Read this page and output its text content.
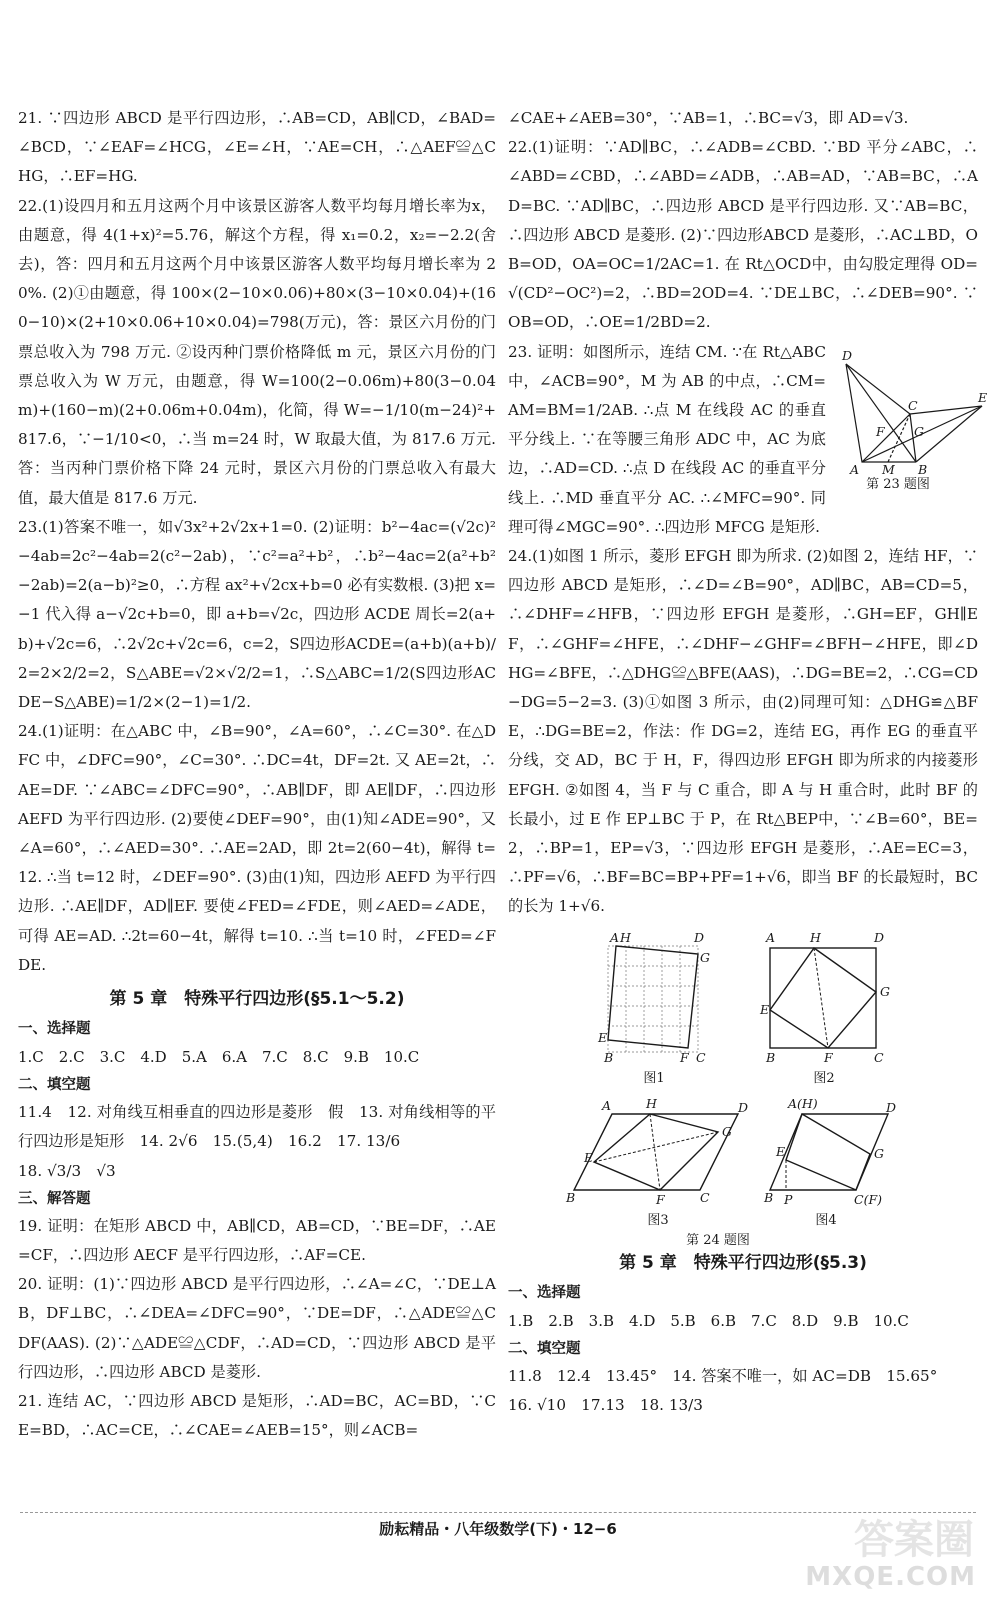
21. ∵四边形 ABCD 是平行四边形，∴AB=CD，AB∥CD，∠BAD=∠BCD，∵∠EAF=∠HCG，∠E=∠H，∵AE=CH，∴△AEF≌△CHG，∴EF=HG.

22.(1)设四月和五月这两个月中该景区游客人数平均每月增长率为x，由题意，得 4(1+x)²=5.76，解这个方程，得 x₁=0.2，x₂=−2.2(舍去)，答：四月和五月这两个月中该景区游客人数平均每月增长率为 20%. (2)①由题意，得 100×(2−10×0.06)+80×(3−10×0.04)+(160−10)×(2+10×0.06+10×0.04)=798(万元)，答：景区六月份的门票总收入为 798 万元. ②设丙种门票价格降低 m 元，景区六月份的门票总收入为 W 万元，由题意，得 W=100(2−0.06m)+80(3−0.04m)+(160−m)(2+0.06m+0.04m)，化简，得 W=−1/10(m−24)²+817.6，∵−1/10<0，∴当 m=24 时，W 取最大值，为 817.6 万元. 答：当丙种门票价格下降 24 元时，景区六月份的门票总收入有最大值，最大值是 817.6 万元.

23.(1)答案不唯一，如√3x²+2√2x+1=0. (2)证明：b²−4ac=(√2c)²−4ab=2c²−4ab=2(c²−2ab)，∵c²=a²+b²，∴b²−4ac=2(a²+b²−2ab)=2(a−b)²≥0，∴方程 ax²+√2cx+b=0 必有实数根. (3)把 x=−1 代入得 a−√2c+b=0，即 a+b=√2c，四边形 ACDE 周长=2(a+b)+√2c=6，∴2√2c+√2c=6，c=2，S四边形ACDE=(a+b)(a+b)/2=2×2/2=2，S△ABE=√2×√2/2=1，∴S△ABC=1/2(S四边形ACDE−S△ABE)=1/2×(2−1)=1/2.

24.(1)证明：在△ABC 中，∠B=90°，∠A=60°，∴∠C=30°. 在△DFC 中，∠DFC=90°，∠C=30°. ∴DC=4t，DF=2t. 又 AE=2t，∴AE=DF. ∵∠ABC=∠DFC=90°，∴AB∥DF，即 AE∥DF，∴四边形 AEFD 为平行四边形. (2)要使∠DEF=90°，由(1)知∠ADE=90°，又∠A=60°，∴∠AED=30°. ∴AE=2AD，即 2t=2(60−4t)，解得 t=12. ∴当 t=12 时，∠DEF=90°. (3)由(1)知，四边形 AEFD 为平行四边形. ∴AE∥DF，AD∥EF. 要使∠FED=∠FDE，则∠AED=∠ADE，可得 AE=AD. ∴2t=60−4t，解得 t=10. ∴当 t=10 时，∠FED=∠FDE.

第 5 章　特殊平行四边形(§5.1～5.2)

一、选择题

1.C　2.C　3.C　4.D　5.A　6.A　7.C　8.C　9.B　10.C

二、填空题

11.4　12. 对角线互相垂直的四边形是菱形　假　13. 对角线相等的平行四边形是矩形　14. 2√6　15.(5,4)　16.2　17. 13/6

18. √3/3　√3

三、解答题

19. 证明：在矩形 ABCD 中，AB∥CD，AB=CD，∵BE=DF，∴AE=CF，∴四边形 AECF 是平行四边形，∴AF=CE.

20. 证明：(1)∵四边形 ABCD 是平行四边形，∴∠A=∠C，∵DE⊥AB，DF⊥BC，∴∠DEA=∠DFC=90°，∵DE=DF，∴△ADE≌△CDF(AAS). (2)∵△ADE≌△CDF，∴AD=CD，∵四边形 ABCD 是平行四边形，∴四边形 ABCD 是菱形.

21. 连结 AC，∵四边形 ABCD 是矩形，∴AD=BC，AC=BD，∵CE=BD，∴AC=CE，∴∠CAE=∠AEB=15°，则∠ACB=

∠CAE+∠AEB=30°，∵AB=1，∴BC=√3，即 AD=√3.

22.(1)证明：∵AD∥BC，∴∠ADB=∠CBD. ∵BD 平分∠ABC，∴∠ABD=∠CBD，∴∠ABD=∠ADB，∴AB=AD，∵AB=BC，∴AD=BC. ∵AD∥BC，∴四边形 ABCD 是平行四边形. 又∵AB=BC，∴四边形 ABCD 是菱形. (2)∵四边形ABCD 是菱形，∴AC⊥BD，OB=OD，OA=OC=1/2AC=1. 在 Rt△OCD中，由勾股定理得 OD=√(CD²−OC²)=2，∴BD=2OD=4. ∵DE⊥BC，∴∠DEB=90°. ∵OB=OD，∴OE=1/2BD=2.

23. 证明：如图所示，连结 CM. ∵在 Rt△ABC中，∠ACB=90°，M 为 AB 的中点，∴CM=AM=BM=1/2AB. ∴点 M 在线段 AC 的垂直平分线上. ∵在等腰三角形 ADC 中，AC 为底边，∴AD=CD. ∴点 D 在线段 AC 的垂直平分线上. ∴MD 垂直平分 AC. ∴∠MFC=90°. 同理可得∠MGC=90°. ∴四边形 MFCG 是矩形.

24.(1)如图 1 所示，菱形 EFGH 即为所求. (2)如图 2，连结 HF，∵四边形 ABCD 是矩形，∴∠D=∠B=90°，AD∥BC，AB=CD=5，∴∠DHF=∠HFB，∵四边形 EFGH 是菱形，∴GH=EF，GH∥EF，∴∠GHF=∠HFE，∴∠DHF−∠GHF=∠BFH−∠HFE，即∠DHG=∠BFE，∴△DHG≌△BFE(AAS)，∴DG=BE=2，∴CG=CD−DG=5−2=3. (3)①如图 3 所示，由(2)同理可知：△DHG≌△BFE，∴DG=BE=2，作法：作 DG=2，连结 EG，再作 EG 的垂直平分线，交 AD，BC 于 H，F，得四边形 EFGH 即为所求的内接菱形 EFGH. ②如图 4，当 F 与 C 重合，即 A 与 H 重合时，此时 BF 的长最小，过 E 作 EP⊥BC 于 P，在 Rt△BEP中，∵∠B=60°，BE=2，∴BP=1，EP=√3，∵四边形 EFGH 是菱形，∴AE=EC=3，∴PF=√6，∴BF=BC=BP+PF=1+√6，即当 BF 的长最短时，BC 的长为 1+√6.

D
C
E
F G
A M B
第 23 题图
A H	D
G
E
B	F C
图1
A	H	D
G
E
B	F	C
图2
A	H	D
G
E
B	F	C
图3
A(H)	D
G
E
B P	C(F)
图4
第 24 题图
第 5 章　特殊平行四边形(§5.3)

一、选择题

1.B　2.B　3.B　4.D　5.B　6.B　7.C　8.D　9.B　10.C

二、填空题

11.8　12.4　13.45°　14. 答案不唯一，如 AC=DB　15.65°

16. √10　17.13　18. 13/3

励耘精品・八年级数学(下)・12−6	答案圈
MXQE.COM
